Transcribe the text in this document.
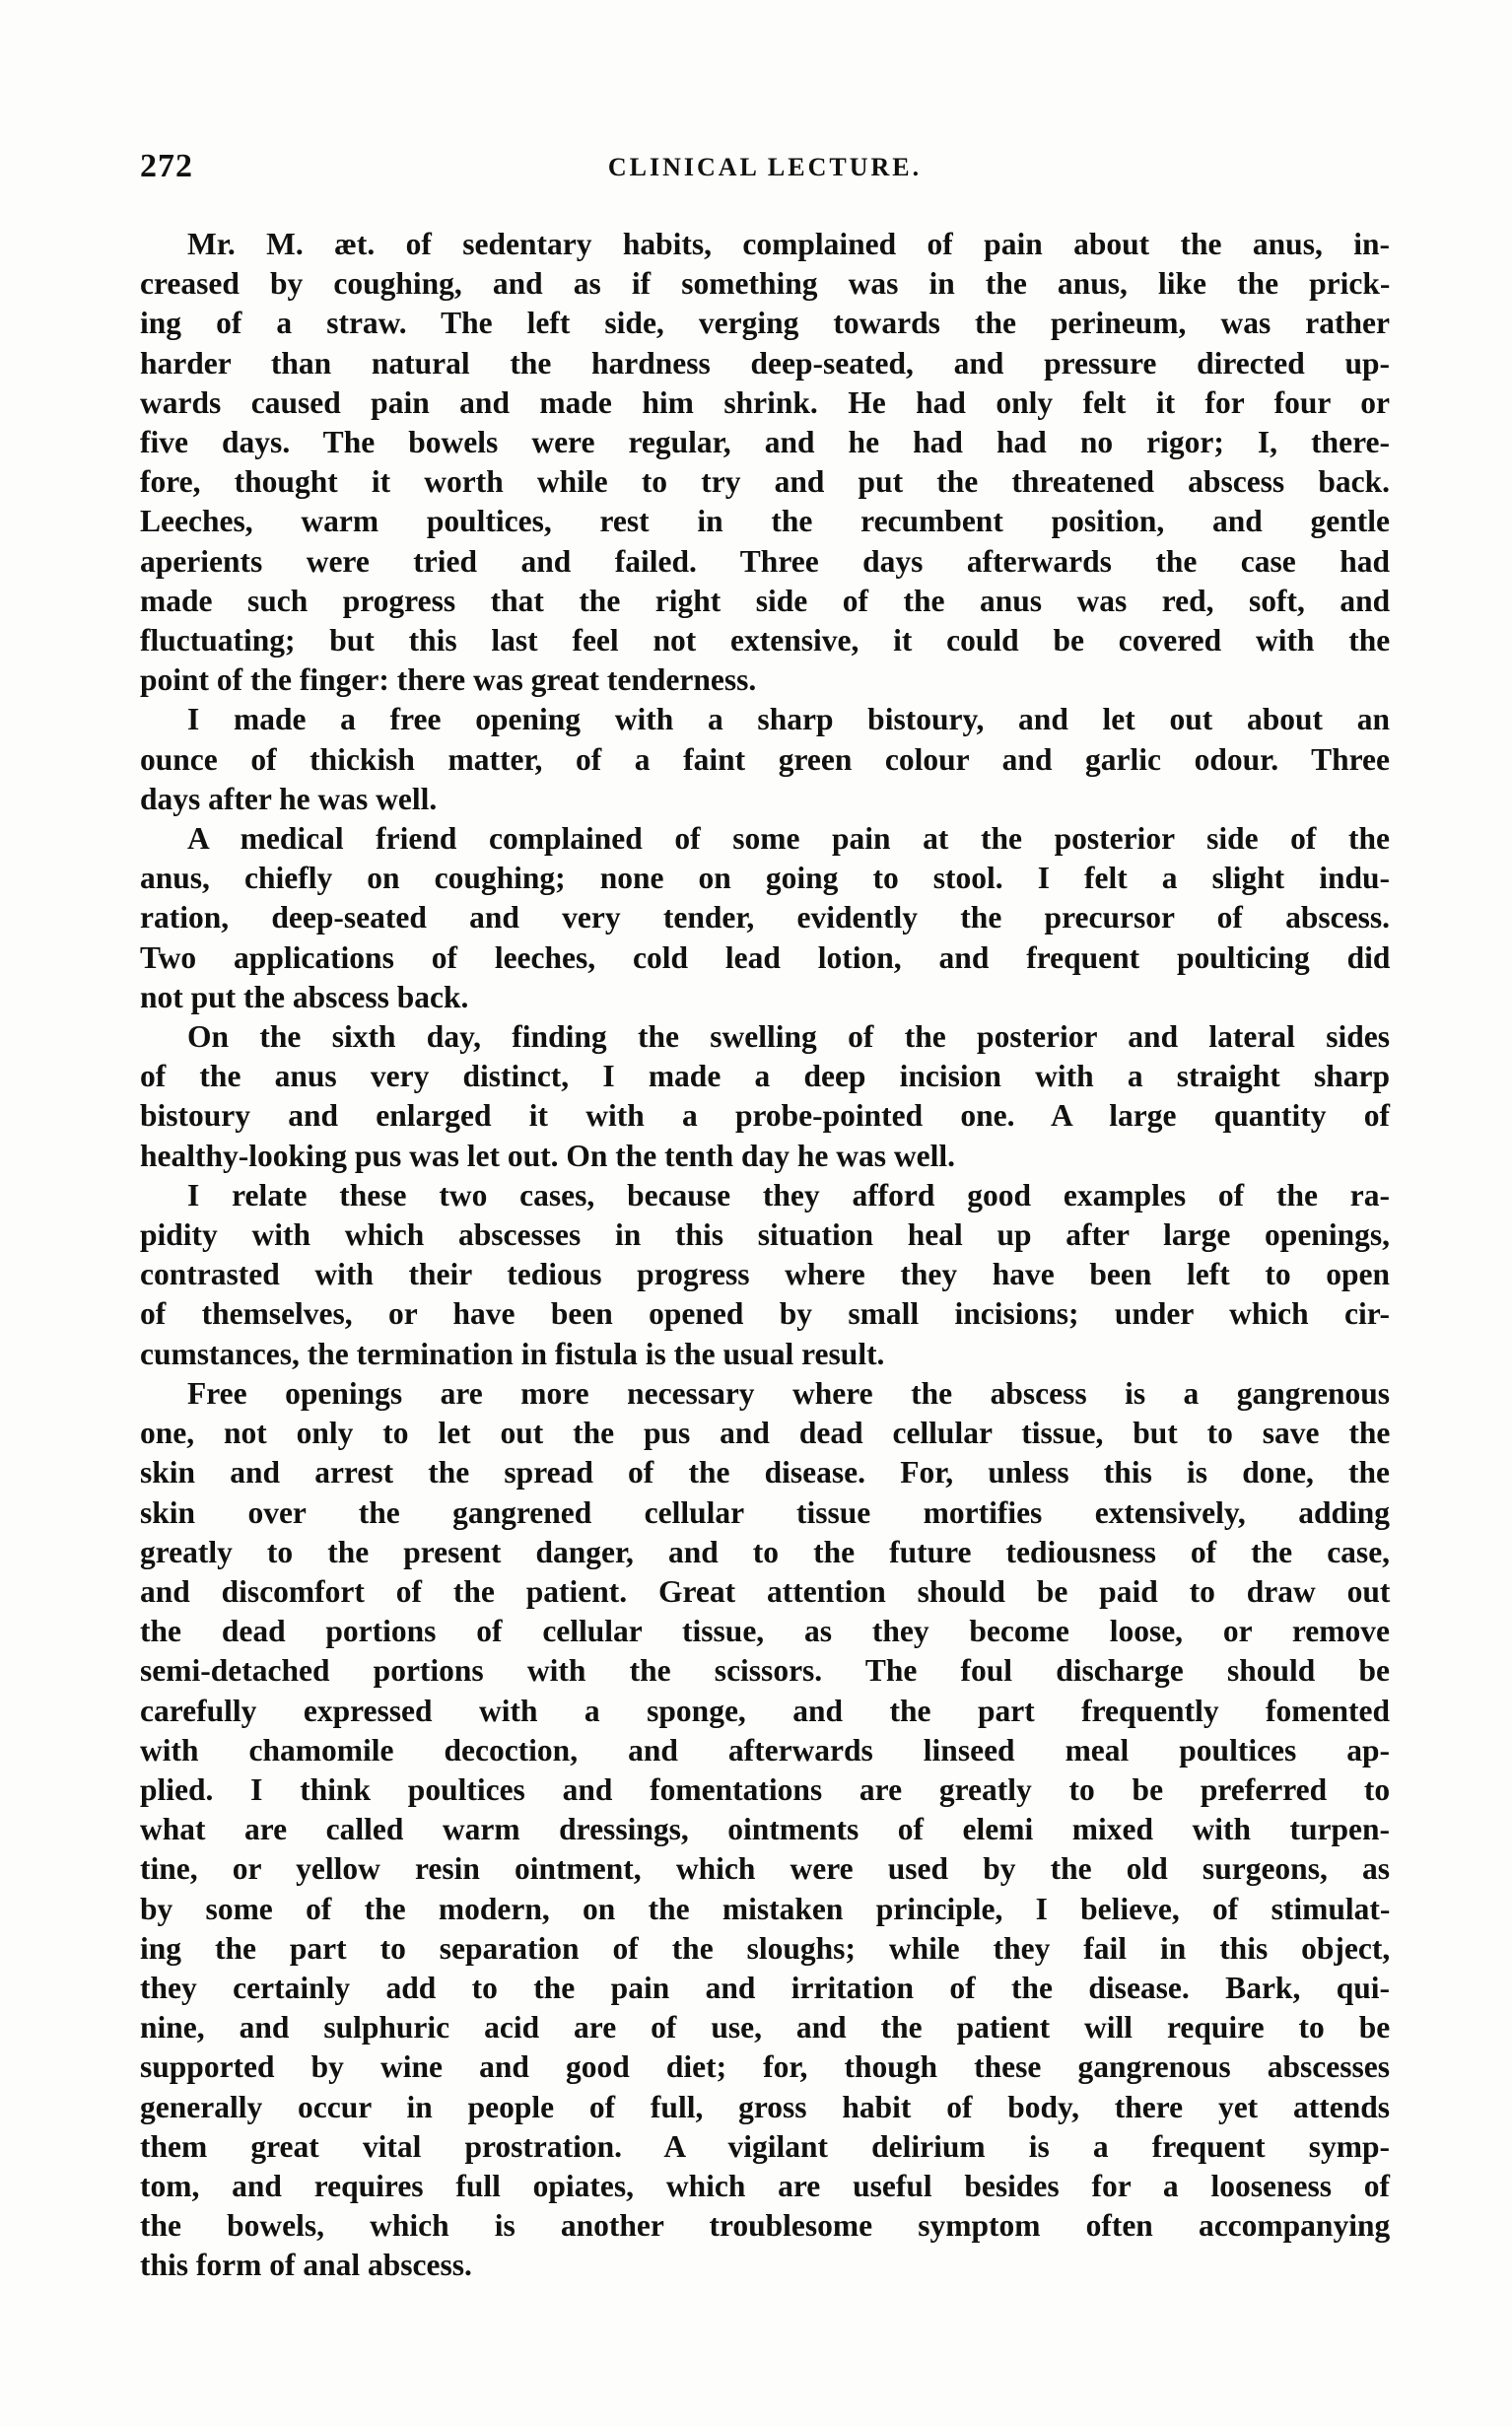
272	CLINICAL LECTURE.
Mr. M. æt. of sedentary habits, complained of pain about the anus, in-
creased by coughing, and as if something was in the anus, like the prick-
ing of a straw. The left side, verging towards the perineum, was rather
harder than natural the hardness deep-seated, and pressure directed up-
wards caused pain and made him shrink. He had only felt it for four or
five days. The bowels were regular, and he had had no rigor; I, there-
fore, thought it worth while to try and put the threatened abscess back.
Leeches, warm poultices, rest in the recumbent position, and gentle
aperients were tried and failed. Three days afterwards the case had
made such progress that the right side of the anus was red, soft, and
fluctuating; but this last feel not extensive, it could be covered with the
point of the finger: there was great tenderness.
I made a free opening with a sharp bistoury, and let out about an
ounce of thickish matter, of a faint green colour and garlic odour. Three
days after he was well.
A medical friend complained of some pain at the posterior side of the
anus, chiefly on coughing; none on going to stool. I felt a slight indu-
ration, deep-seated and very tender, evidently the precursor of abscess.
Two applications of leeches, cold lead lotion, and frequent poulticing did
not put the abscess back.
On the sixth day, finding the swelling of the posterior and lateral sides
of the anus very distinct, I made a deep incision with a straight sharp
bistoury and enlarged it with a probe-pointed one. A large quantity of
healthy-looking pus was let out. On the tenth day he was well.
I relate these two cases, because they afford good examples of the ra-
pidity with which abscesses in this situation heal up after large openings,
contrasted with their tedious progress where they have been left to open
of themselves, or have been opened by small incisions; under which cir-
cumstances, the termination in fistula is the usual result.
Free openings are more necessary where the abscess is a gangrenous
one, not only to let out the pus and dead cellular tissue, but to save the
skin and arrest the spread of the disease. For, unless this is done, the
skin over the gangrened cellular tissue mortifies extensively, adding
greatly to the present danger, and to the future tediousness of the case,
and discomfort of the patient. Great attention should be paid to draw out
the dead portions of cellular tissue, as they become loose, or remove
semi-detached portions with the scissors. The foul discharge should be
carefully expressed with a sponge, and the part frequently fomented
with chamomile decoction, and afterwards linseed meal poultices ap-
plied. I think poultices and fomentations are greatly to be preferred to
what are called warm dressings, ointments of elemi mixed with turpen-
tine, or yellow resin ointment, which were used by the old surgeons, as
by some of the modern, on the mistaken principle, I believe, of stimulat-
ing the part to separation of the sloughs; while they fail in this object,
they certainly add to the pain and irritation of the disease. Bark, qui-
nine, and sulphuric acid are of use, and the patient will require to be
supported by wine and good diet; for, though these gangrenous abscesses
generally occur in people of full, gross habit of body, there yet attends
them great vital prostration. A vigilant delirium is a frequent symp-
tom, and requires full opiates, which are useful besides for a looseness of
the bowels, which is another troublesome symptom often accompanying
this form of anal abscess.
